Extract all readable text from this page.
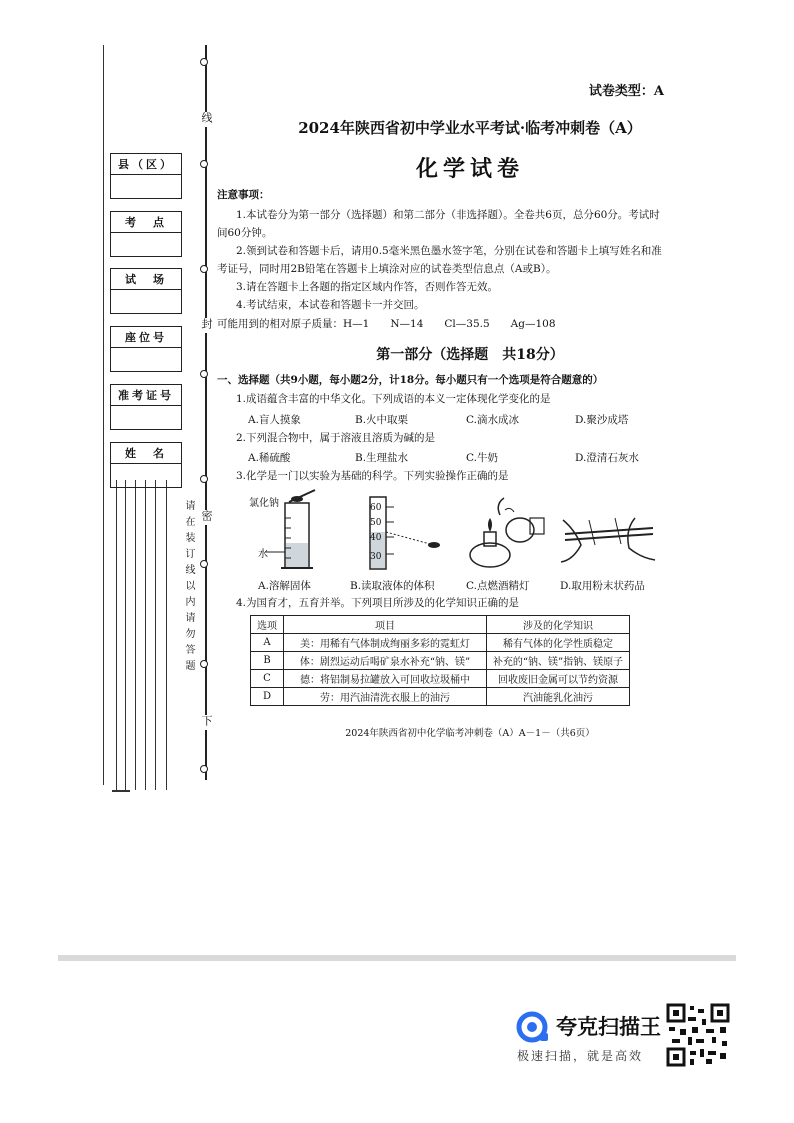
线
封
密
下
请在装订线以内请勿答题
县（区）
考　点
试　场
座位号
准考证号
姓　名
试卷类型：A
2024年陕西省初中学业水平考试·临考冲刺卷（A）
化学试卷
注意事项：
1.本试卷分为第一部分（选择题）和第二部分（非选择题）。全卷共6页，总分60分。考试时
间60分钟。
2.领到试卷和答题卡后，请用0.5毫米黑色墨水签字笔，分别在试卷和答题卡上填写姓名和准
考证号，同时用2B铅笔在答题卡上填涂对应的试卷类型信息点（A或B）。
3.请在答题卡上各题的指定区域内作答，否则作答无效。
4.考试结束，本试卷和答题卡一并交回。
可能用到的相对原子质量：H—1　　N—14　　Cl—35.5　　Ag—108
第一部分（选择题　共18分）
一、选择题（共9小题，每小题2分，计18分。每小题只有一个选项是符合题意的）
1.成语蕴含丰富的中华文化。下列成语的本义一定体现化学变化的是
A.盲人摸象	B.火中取栗	C.滴水成冰	D.聚沙成塔
2.下列混合物中，属于溶液且溶质为碱的是
A.稀硫酸	B.生理盐水	C.牛奶	D.澄清石灰水
3.化学是一门以实验为基础的科学。下列实验操作正确的是
氯化钠
水
60
50
40
30
A.溶解固体	B.读取液体的体积	C.点燃酒精灯	D.取用粉末状药品
4.为国育才，五育并举。下列项目所涉及的化学知识正确的是
选项	项目	涉及的化学知识
A	美：用稀有气体制成绚丽多彩的霓虹灯	稀有气体的化学性质稳定
B	体：剧烈运动后喝矿泉水补充“钠、镁”	补充的“钠、镁”指钠、镁原子
C	德：将铝制易拉罐放入可回收垃圾桶中	回收废旧金属可以节约资源
D	劳：用汽油清洗衣服上的油污	汽油能乳化油污
2024年陕西省初中化学临考冲刺卷（A）A－1－（共6页）
夸克扫描王
极速扫描，就是高效
